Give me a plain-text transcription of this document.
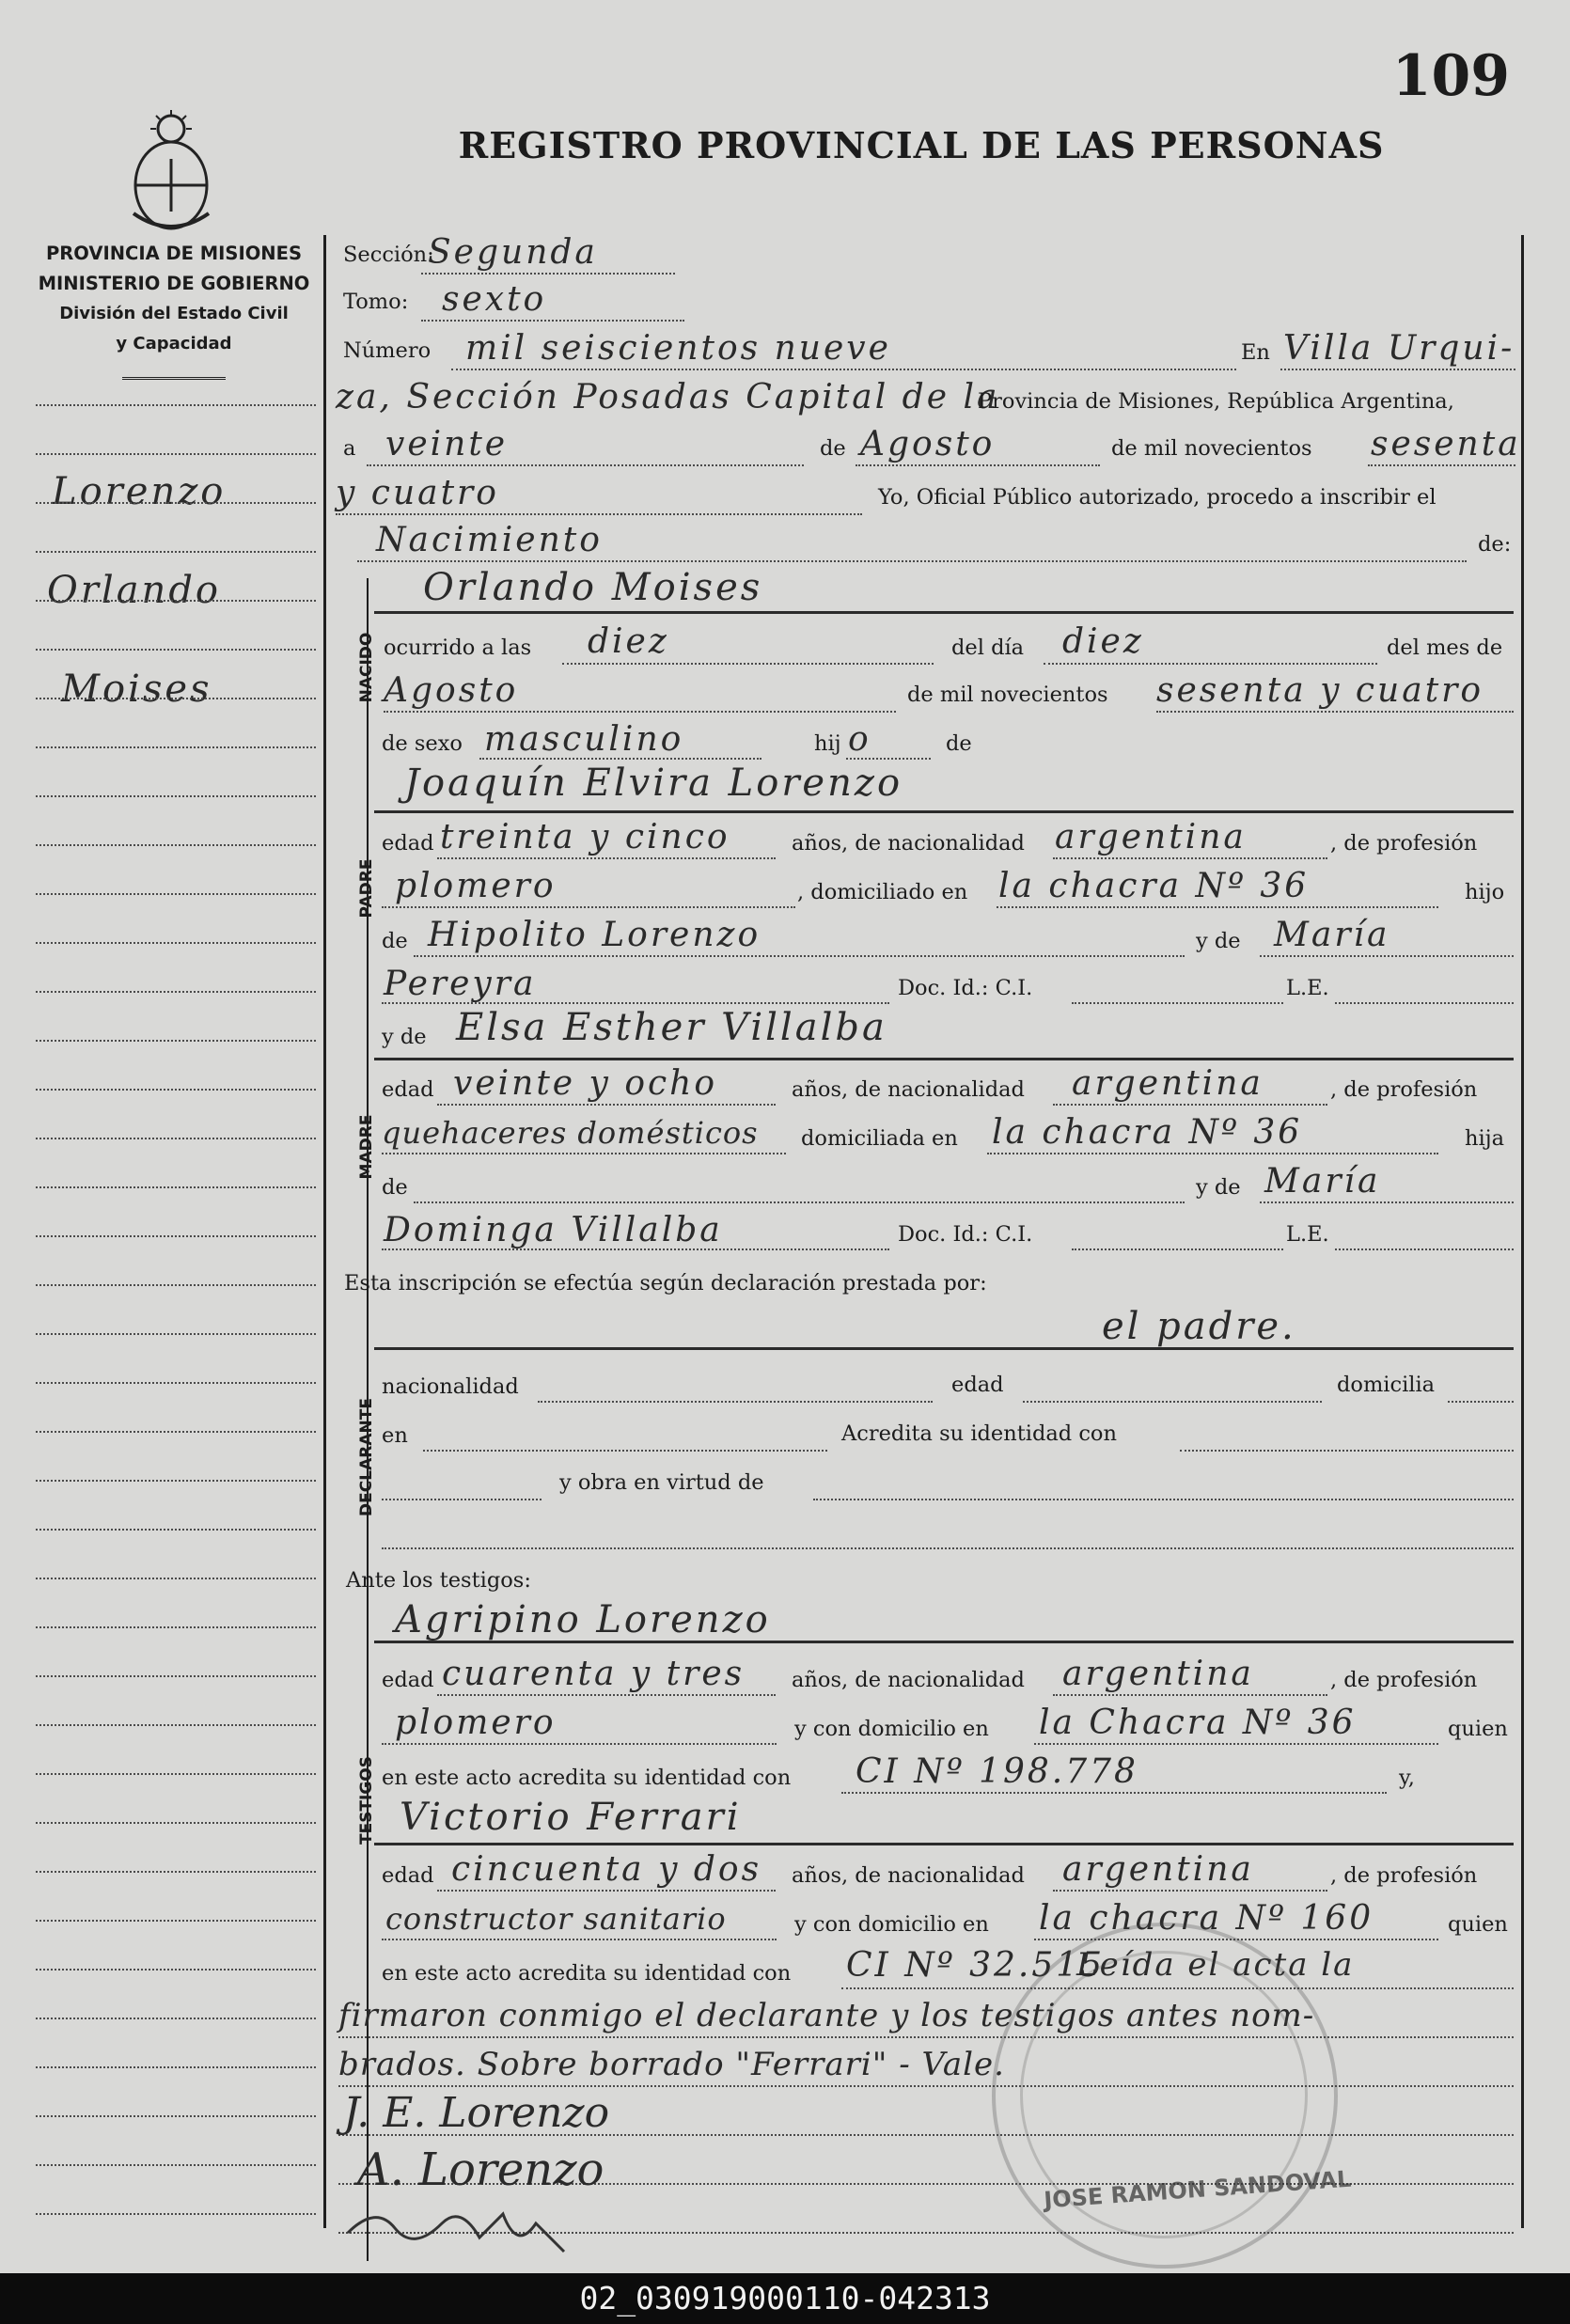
109
REGISTRO PROVINCIAL DE LAS PERSONAS
PROVINCIA DE MISIONES
MINISTERIO DE GOBIERNO
División del Estado Civil
y Capacidad
Lorenzo
Orlando
Moises	NACIDO
PADRE
MADRE
DECLARANTE
TESTIGOS
Sección:
Segunda
Tomo: sexto
Número mil seiscientos nueve	En Villa Urqui-
za, Sección Posadas Capital de la
Provincia de Misiones, República Argentina,
a veinte	de Agosto	de mil novecientos sesenta
y cuatro	Yo, Oficial Público autorizado, procedo a inscribir el
Nacimiento	de:
Orlando Moises
ocurrido a las diez	del día diez	del mes de
Agosto	de mil novecientos sesenta y cuatro
de sexo masculino	hij o	de
Joaquín Elvira Lorenzo
edad treinta y cinco	años, de nacionalidad argentina	, de profesión
plomero	, domiciliado en la chacra Nº 36	hijo
de Hipolito Lorenzo	y de María
Pereyra	Doc. Id.: C.I.	L.E.
y de Elsa Esther Villalba
edad veinte y ocho	años, de nacionalidad argentina	, de profesión
quehaceres domésticos domiciliada en la chacra Nº 36	hija
de	y de María
Dominga Villalba	Doc. Id.: C.I.	L.E.
Esta inscripción se efectúa según declaración prestada por:
el padre.
nacionalidad	edad	domicilia
en	Acredita su identidad con
y obra en virtud de
Ante los testigos:
Agripino Lorenzo
edad cuarenta y tres años, de nacionalidad argentina	, de profesión
plomero	y con domicilio en la Chacra Nº 36	quien
en este acto acredita su identidad con CI Nº 198.778	y,
Victorio Ferrari
edad cincuenta y dos años, de nacionalidad argentina	, de profesión
constructor sanitario	y con domicilio en la chacra Nº 160	quien
en este acto acredita su identidad con CI Nº 32.515
Leída el acta la
firmaron conmigo el declarante y los testigos antes nom-
brados. Sobre borrado "Ferrari" - Vale.
JOSE RAMON SANDOVAL
J. E. Lorenzo
A. Lorenzo
02_030919000110-042313
